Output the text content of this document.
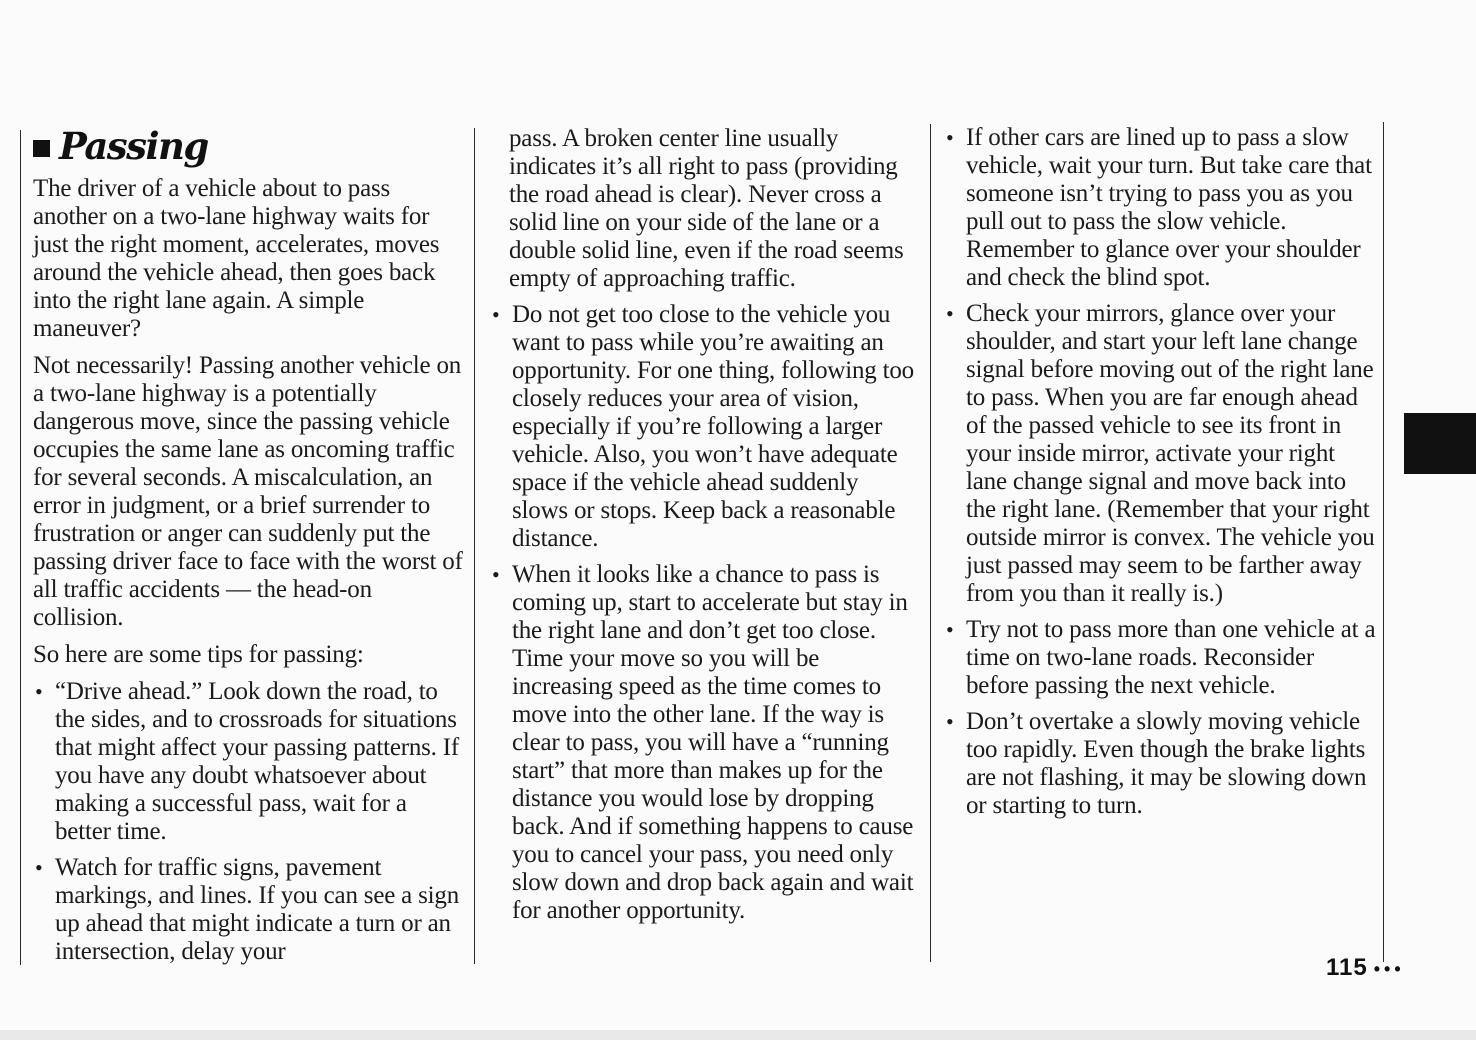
Passing

The driver of a vehicle about to pass another on a two-lane highway waits for just the right moment, accelerates, moves around the vehicle ahead, then goes back into the right lane again. A simple maneuver?

Not necessarily! Passing another vehicle on a two-lane highway is a potentially dangerous move, since the passing vehicle occupies the same lane as oncoming traffic for several seconds. A miscalculation, an error in judgment, or a brief surrender to frustration or anger can suddenly put the passing driver face to face with the worst of all traffic accidents — the head-on collision.

So here are some tips for passing:

• “Drive ahead.” Look down the road, to the sides, and to crossroads for situations that might affect your passing patterns. If you have any doubt whatsoever about making a successful pass, wait for a better time.
• Watch for traffic signs, pavement markings, and lines. If you can see a sign up ahead that might indicate a turn or an intersection, delay your

pass. A broken center line usually indicates it’s all right to pass (providing the road ahead is clear). Never cross a solid line on your side of the lane or a double solid line, even if the road seems empty of approaching traffic.

• Do not get too close to the vehicle you want to pass while you’re awaiting an opportunity. For one thing, following too closely reduces your area of vision, especially if you’re following a larger vehicle. Also, you won’t have adequate space if the vehicle ahead suddenly slows or stops. Keep back a reasonable distance.
• When it looks like a chance to pass is coming up, start to accelerate but stay in the right lane and don’t get too close. Time your move so you will be increasing speed as the time comes to move into the other lane. If the way is clear to pass, you will have a “running start” that more than makes up for the distance you would lose by dropping back. And if something happens to cause you to cancel your pass, you need only slow down and drop back again and wait for another opportunity.
• If other cars are lined up to pass a slow vehicle, wait your turn. But take care that someone isn’t trying to pass you as you pull out to pass the slow vehicle. Remember to glance over your shoulder and check the blind spot.
• Check your mirrors, glance over your shoulder, and start your left lane change signal before moving out of the right lane to pass. When you are far enough ahead of the passed vehicle to see its front in your inside mirror, activate your right lane change signal and move back into the right lane. (Remember that your right outside mirror is convex. The vehicle you just passed may seem to be farther away from you than it really is.)
• Try not to pass more than one vehicle at a time on two-lane roads. Reconsider before passing the next vehicle.
• Don’t overtake a slowly moving vehicle too rapidly. Even though the brake lights are not flashing, it may be slowing down or starting to turn.
115 •••
